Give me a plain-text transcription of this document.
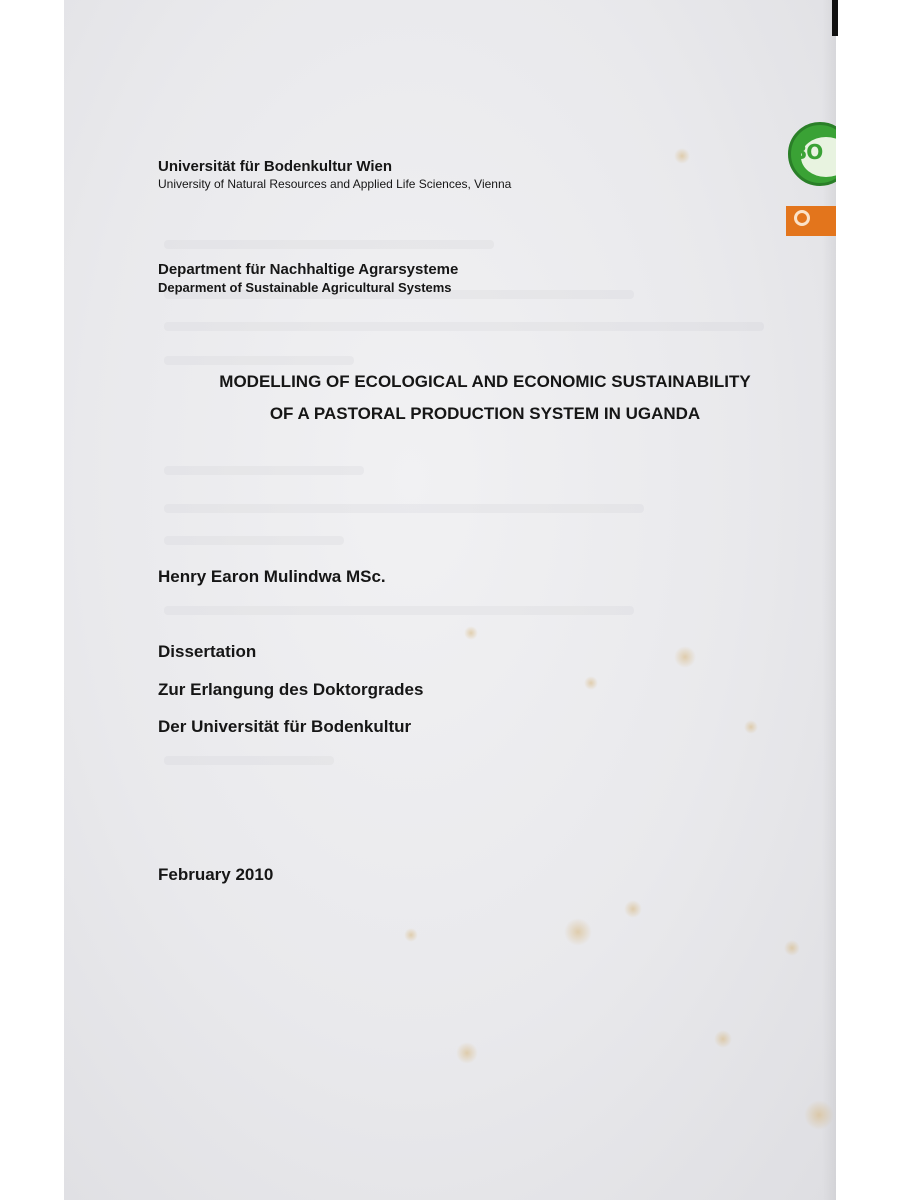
BO
Universität für Bodenkultur Wien
University of Natural Resources and Applied Life Sciences, Vienna
Department für Nachhaltige Agrarsysteme
Deparment of Sustainable Agricultural Systems
MODELLING OF ECOLOGICAL AND ECONOMIC SUSTAINABILITY
OF A PASTORAL PRODUCTION SYSTEM IN UGANDA
Henry Earon Mulindwa MSc.
Dissertation
Zur Erlangung des Doktorgrades
Der Universität für Bodenkultur
February 2010
